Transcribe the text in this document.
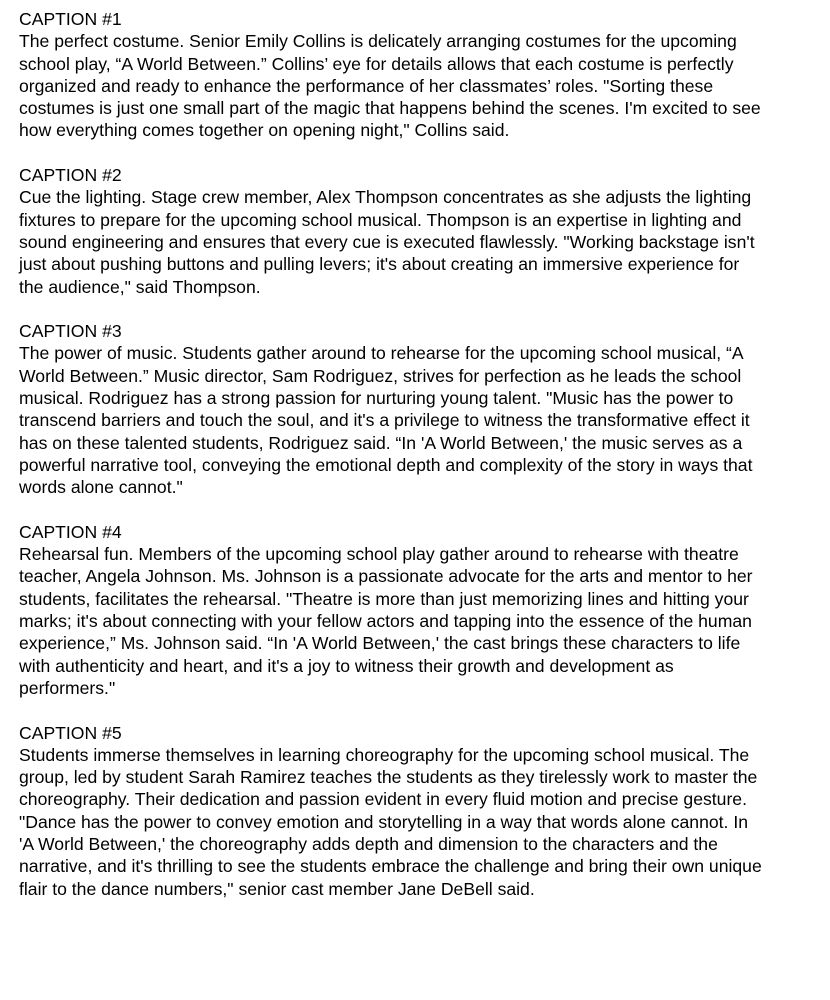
CAPTION #1
The perfect costume. Senior Emily Collins is delicately arranging costumes for the upcoming
school play, “A World Between.” Collins’ eye for details allows that each costume is perfectly
organized and ready to enhance the performance of her classmates’ roles. "Sorting these
costumes is just one small part of the magic that happens behind the scenes. I'm excited to see
how everything comes together on opening night," Collins said.
CAPTION #2
Cue the lighting. Stage crew member, Alex Thompson concentrates as she adjusts the lighting
fixtures to prepare for the upcoming school musical. Thompson is an expertise in lighting and
sound engineering and ensures that every cue is executed flawlessly. "Working backstage isn't
just about pushing buttons and pulling levers; it's about creating an immersive experience for
the audience," said Thompson.
CAPTION #3
The power of music. Students gather around to rehearse for the upcoming school musical, “A
World Between.” Music director, Sam Rodriguez, strives for perfection as he leads the school
musical. Rodriguez has a strong passion for nurturing young talent. "Music has the power to
transcend barriers and touch the soul, and it's a privilege to witness the transformative effect it
has on these talented students, Rodriguez said. “In 'A World Between,' the music serves as a
powerful narrative tool, conveying the emotional depth and complexity of the story in ways that
words alone cannot."
CAPTION #4
Rehearsal fun. Members of the upcoming school play gather around to rehearse with theatre
teacher, Angela Johnson. Ms. Johnson is a passionate advocate for the arts and mentor to her
students, facilitates the rehearsal. "Theatre is more than just memorizing lines and hitting your
marks; it's about connecting with your fellow actors and tapping into the essence of the human
experience,” Ms. Johnson said. “In 'A World Between,' the cast brings these characters to life
with authenticity and heart, and it's a joy to witness their growth and development as
performers."
CAPTION #5
Students immerse themselves in learning choreography for the upcoming school musical. The
group, led by student Sarah Ramirez teaches the students as they tirelessly work to master the
choreography. Their dedication and passion evident in every fluid motion and precise gesture.
"Dance has the power to convey emotion and storytelling in a way that words alone cannot. In
'A World Between,' the choreography adds depth and dimension to the characters and the
narrative, and it's thrilling to see the students embrace the challenge and bring their own unique
flair to the dance numbers," senior cast member Jane DeBell said.
